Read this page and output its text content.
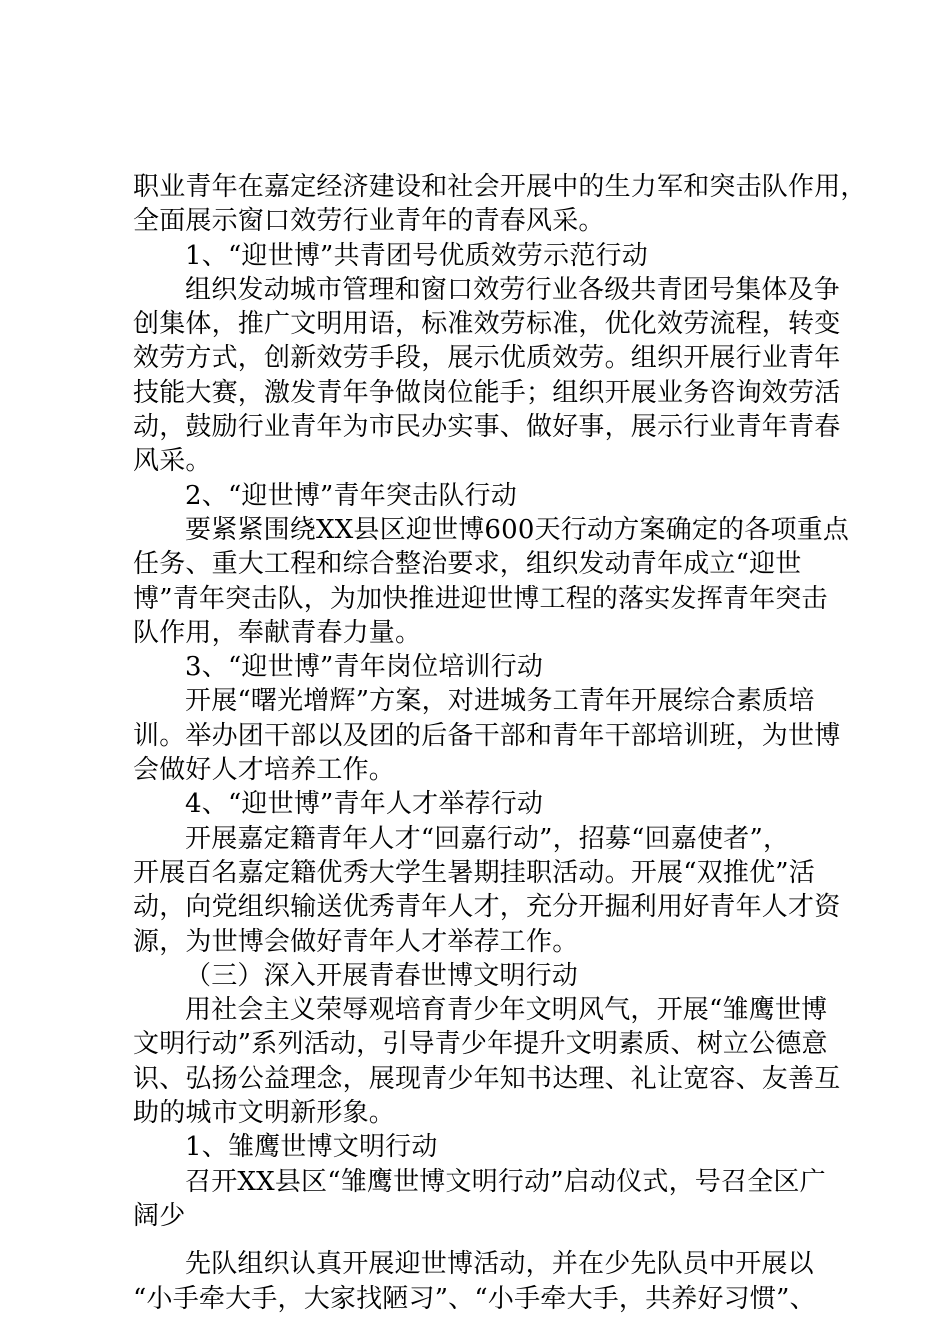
职业青年在嘉定经济建设和社会开展中的生力军和突击队作用，
全面展示窗口效劳行业青年的青春风采。
1、“迎世博”共青团号优质效劳示范行动
组织发动城市管理和窗口效劳行业各级共青团号集体及争
创集体，推广文明用语，标准效劳标准，优化效劳流程，转变
效劳方式，创新效劳手段，展示优质效劳。组织开展行业青年
技能大赛，激发青年争做岗位能手；组织开展业务咨询效劳活
动，鼓励行业青年为市民办实事、做好事，展示行业青年青春
风采。
2、“迎世博”青年突击队行动
要紧紧围绕XX县区迎世博600天行动方案确定的各项重点
任务、重大工程和综合整治要求，组织发动青年成立“迎世
博”青年突击队，为加快推进迎世博工程的落实发挥青年突击
队作用，奉献青春力量。
3、“迎世博”青年岗位培训行动
开展“曙光增辉”方案，对进城务工青年开展综合素质培
训。举办团干部以及团的后备干部和青年干部培训班，为世博
会做好人才培养工作。
4、“迎世博”青年人才举荐行动
开展嘉定籍青年人才“回嘉行动”，招募“回嘉使者”，
开展百名嘉定籍优秀大学生暑期挂职活动。开展“双推优”活
动，向党组织输送优秀青年人才，充分开掘利用好青年人才资
源，为世博会做好青年人才举荐工作。
（三）深入开展青春世博文明行动
用社会主义荣辱观培育青少年文明风气，开展“雏鹰世博
文明行动”系列活动，引导青少年提升文明素质、树立公德意
识、弘扬公益理念，展现青少年知书达理、礼让宽容、友善互
助的城市文明新形象。
1、雏鹰世博文明行动
召开XX县区“雏鹰世博文明行动”启动仪式，号召全区广
阔少
先队组织认真开展迎世博活动，并在少先队员中开展以
“小手牵大手，大家找陋习”、“小手牵大手，共养好习惯”、
